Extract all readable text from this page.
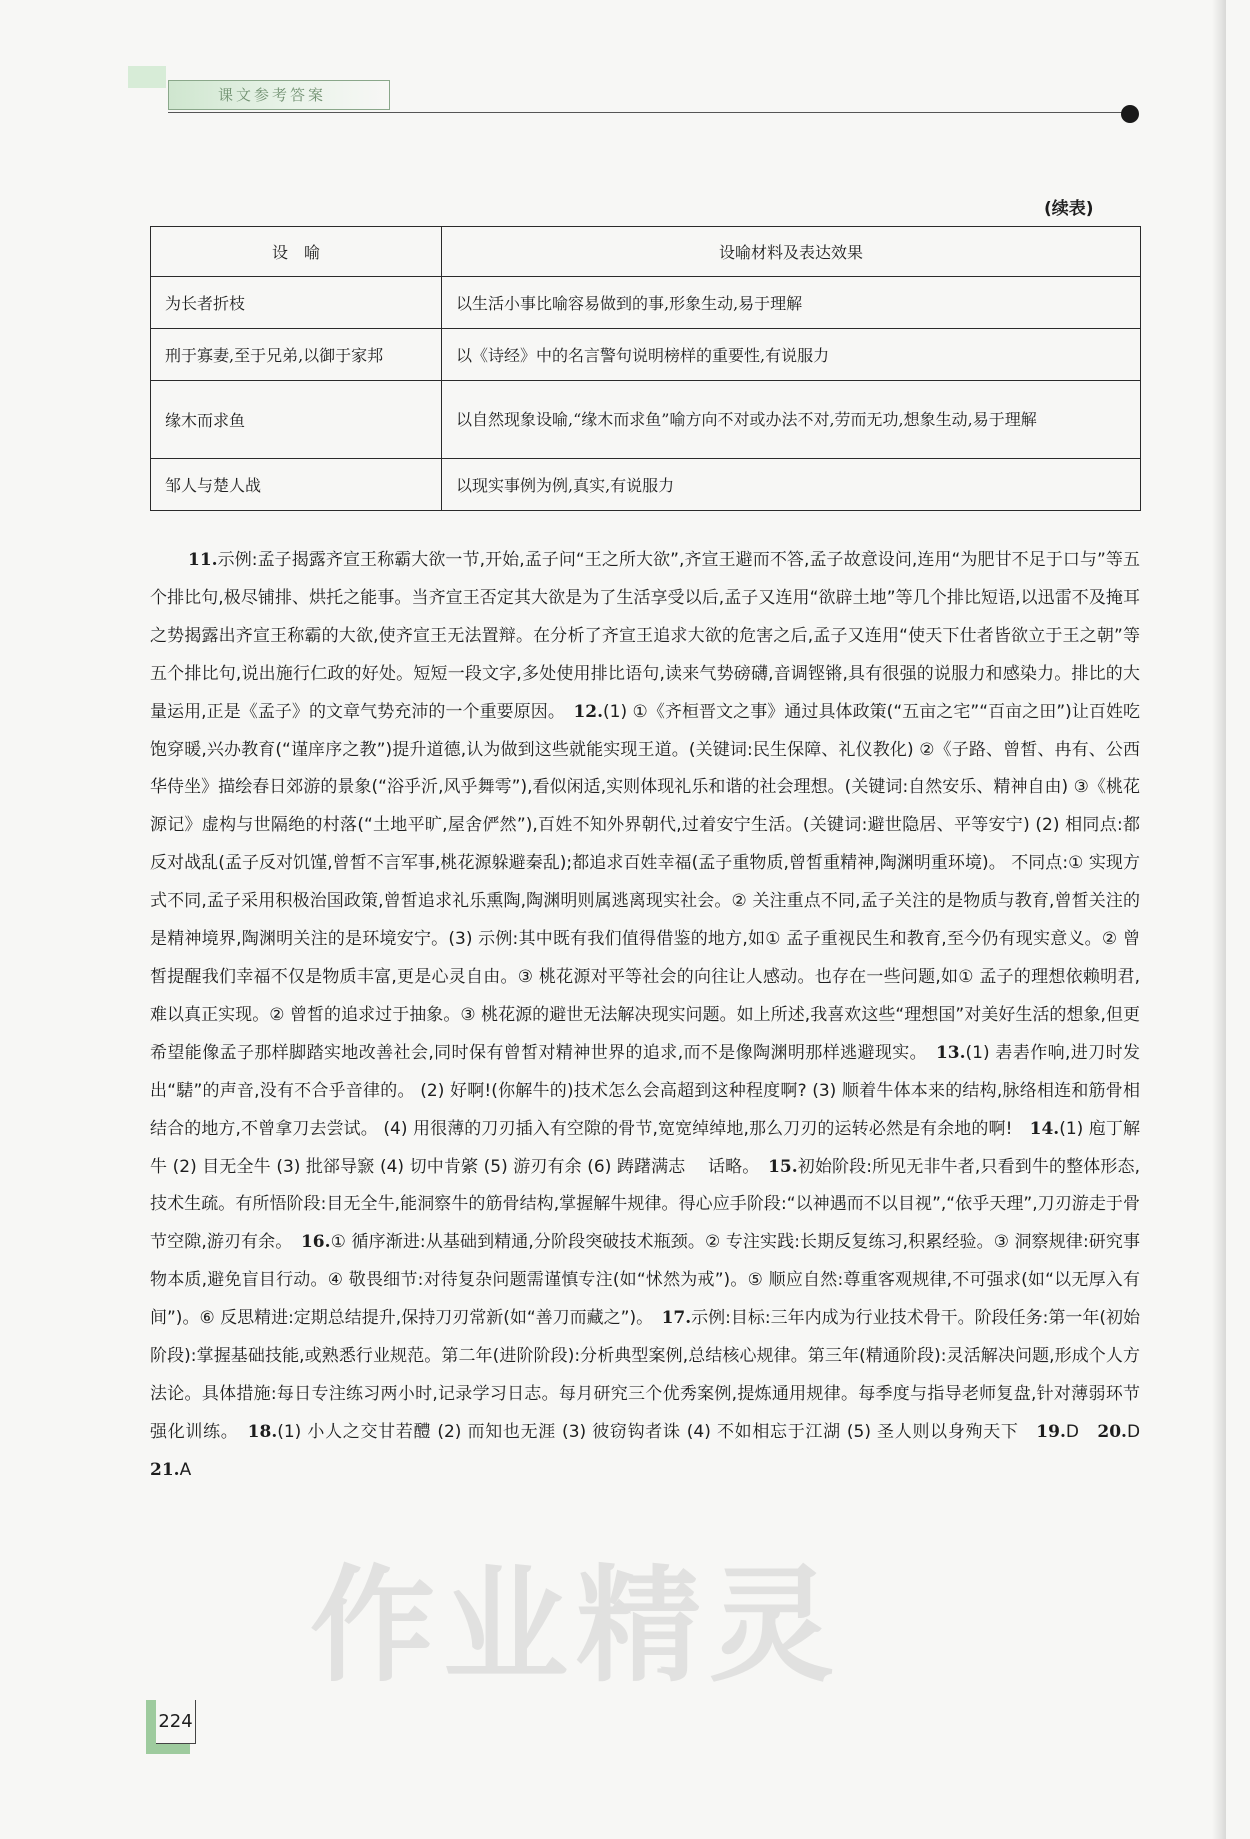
课文参考答案
(续表)
设　喻	设喻材料及表达效果
为长者折枝	以生活小事比喻容易做到的事,形象生动,易于理解
刑于寡妻,至于兄弟,以御于家邦	以《诗经》中的名言警句说明榜样的重要性,有说服力
缘木而求鱼	以自然现象设喻,“缘木而求鱼”喻方向不对或办法不对,劳而无功,想象生动,易于理解
邹人与楚人战	以现实事例为例,真实,有说服力

11.示例:孟子揭露齐宣王称霸大欲一节,开始,孟子问“王之所大欲”,齐宣王避而不答,孟子故意设问,连用“为肥甘不足于口与”等五个排比句,极尽铺排、烘托之能事。当齐宣王否定其大欲是为了生活享受以后,孟子又连用“欲辟土地”等几个排比短语,以迅雷不及掩耳之势揭露出齐宣王称霸的大欲,使齐宣王无法置辩。在分析了齐宣王追求大欲的危害之后,孟子又连用“使天下仕者皆欲立于王之朝”等五个排比句,说出施行仁政的好处。短短一段文字,多处使用排比语句,读来气势磅礴,音调铿锵,具有很强的说服力和感染力。排比的大量运用,正是《孟子》的文章气势充沛的一个重要原因。　 12.(1) ①《齐桓晋文之事》通过具体政策(“五亩之宅”“百亩之田”)让百姓吃饱穿暖,兴办教育(“谨庠序之教”)提升道德,认为做到这些就能实现王道。(关键词:民生保障、礼仪教化) ②《子路、曾皙、冉有、公西华侍坐》描绘春日郊游的景象(“浴乎沂,风乎舞雩”),看似闲适,实则体现礼乐和谐的社会理想。(关键词:自然安乐、精神自由) ③《桃花源记》虚构与世隔绝的村落(“土地平旷,屋舍俨然”),百姓不知外界朝代,过着安宁生活。(关键词:避世隐居、平等安宁) (2) 相同点:都反对战乱(孟子反对饥馑,曾皙不言军事,桃花源躲避秦乱);都追求百姓幸福(孟子重物质,曾皙重精神,陶渊明重环境)。 不同点:① 实现方式不同,孟子采用积极治国政策,曾皙追求礼乐熏陶,陶渊明则属逃离现实社会。② 关注重点不同,孟子关注的是物质与教育,曾皙关注的是精神境界,陶渊明关注的是环境安宁。(3) 示例:其中既有我们值得借鉴的地方,如① 孟子重视民生和教育,至今仍有现实意义。② 曾皙提醒我们幸福不仅是物质丰富,更是心灵自由。③ 桃花源对平等社会的向往让人感动。也存在一些问题,如① 孟子的理想依赖明君,难以真正实现。② 曾皙的追求过于抽象。③ 桃花源的避世无法解决现实问题。如上所述,我喜欢这些“理想国”对美好生活的想象,但更希望能像孟子那样脚踏实地改善社会,同时保有曾皙对精神世界的追求,而不是像陶渊明那样逃避现实。　 13.(1) 砉砉作响,进刀时发出“騞”的声音,没有不合乎音律的。 (2) 好啊!(你解牛的)技术怎么会高超到这种程度啊? (3) 顺着牛体本来的结构,脉络相连和筋骨相结合的地方,不曾拿刀去尝试。 (4) 用很薄的刀刃插入有空隙的骨节,宽宽绰绰地,那么刀刃的运转必然是有余地的啊!　 14.(1) 庖丁解牛 (2) 目无全牛 (3) 批郤导窾 (4) 切中肯綮 (5) 游刃有余 (6) 踌躇满志 　话略。　 15.初始阶段:所见无非牛者,只看到牛的整体形态,技术生疏。有所悟阶段:目无全牛,能洞察牛的筋骨结构,掌握解牛规律。得心应手阶段:“以神遇而不以目视”,“依乎天理”,刀刃游走于骨节空隙,游刃有余。　 16.① 循序渐进:从基础到精通,分阶段突破技术瓶颈。② 专注实践:长期反复练习,积累经验。③ 洞察规律:研究事物本质,避免盲目行动。④ 敬畏细节:对待复杂问题需谨慎专注(如“怵然为戒”)。⑤ 顺应自然:尊重客观规律,不可强求(如“以无厚入有间”)。⑥ 反思精进:定期总结提升,保持刀刃常新(如“善刀而藏之”)。　 17.示例:目标:三年内成为行业技术骨干。阶段任务:第一年(初始阶段):掌握基础技能,或熟悉行业规范。第二年(进阶阶段):分析典型案例,总结核心规律。第三年(精通阶段):灵活解决问题,形成个人方法论。具体措施:每日专注练习两小时,记录学习日志。每月研究三个优秀案例,提炼通用规律。每季度与指导老师复盘,针对薄弱环节强化训练。　 18.(1) 小人之交甘若醴 (2) 而知也无涯 (3) 彼窃钩者诛 (4) 不如相忘于江湖 (5) 圣人则以身殉天下　 19.D　 20.D　21.A

作业精灵
224
